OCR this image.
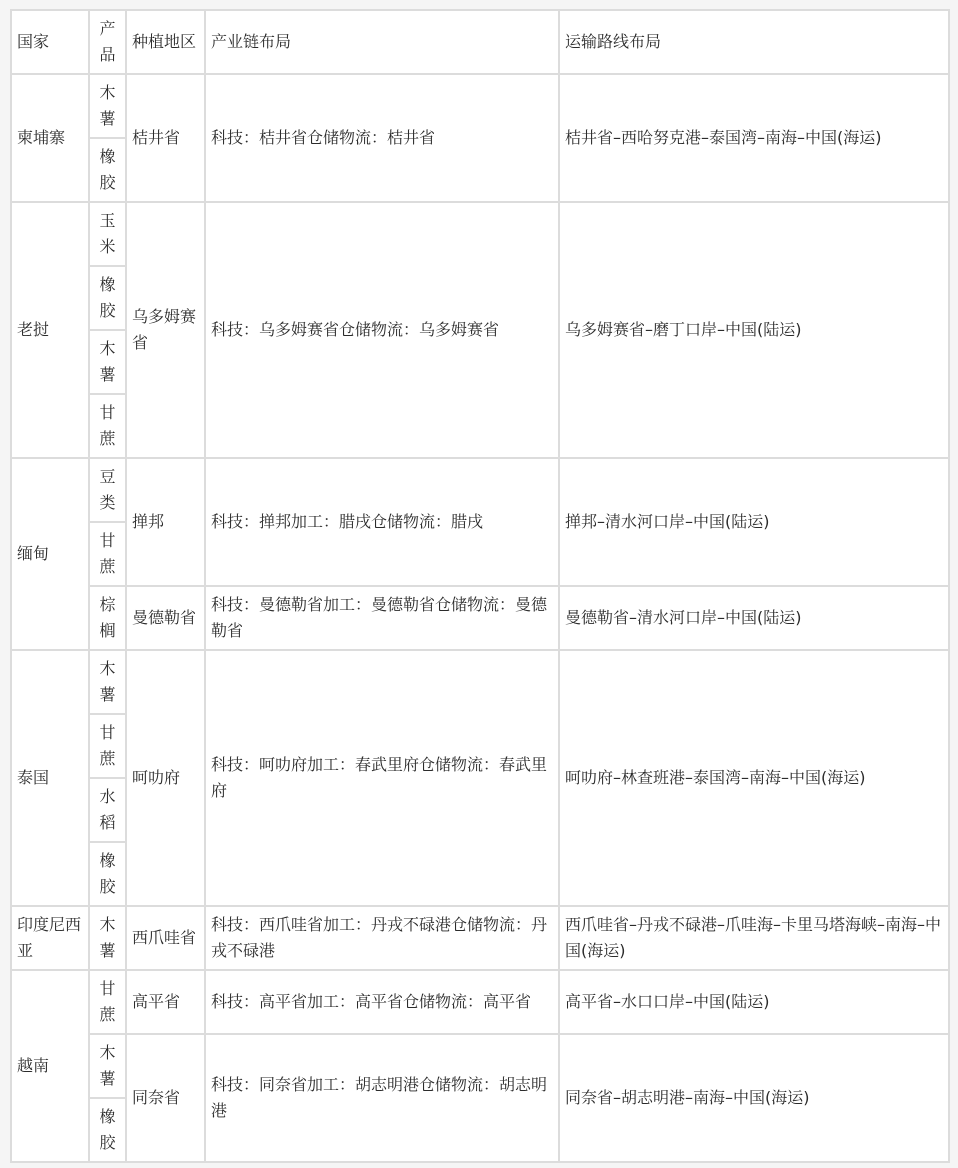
国家	产品	种植地区	产业链布局	运输路线布局
柬埔寨	木薯	桔井省	科技：桔井省仓储物流：桔井省	桔井省–西哈努克港–泰国湾–南海–中国(海运)
	橡胶			
老挝	玉米	乌多姆赛省	科技：乌多姆赛省仓储物流：乌多姆赛省	乌多姆赛省–磨丁口岸–中国(陆运)
	橡胶			
	木薯			
	甘蔗			
缅甸	豆类	掸邦	科技：掸邦加工：腊戌仓储物流：腊戌	掸邦–清水河口岸–中国(陆运)
	甘蔗			
	棕榈	曼德勒省	科技：曼德勒省加工：曼德勒省仓储物流：曼德勒省	曼德勒省–清水河口岸–中国(陆运)
泰国	木薯	呵叻府	科技：呵叻府加工：春武里府仓储物流：春武里府	呵叻府–林查班港–泰国湾–南海–中国(海运)
	甘蔗			
	水稻			
	橡胶			
印度尼西亚	木薯	西爪哇省	科技：西爪哇省加工：丹戎不碌港仓储物流：丹戎不碌港	西爪哇省–丹戎不碌港–爪哇海–卡里马塔海峡–南海–中国(海运)
越南	甘蔗	高平省	科技：高平省加工：高平省仓储物流：高平省	高平省–水口口岸–中国(陆运)
	木薯	同奈省	科技：同奈省加工：胡志明港仓储物流：胡志明港	同奈省–胡志明港–南海–中国(海运)
	橡胶			
